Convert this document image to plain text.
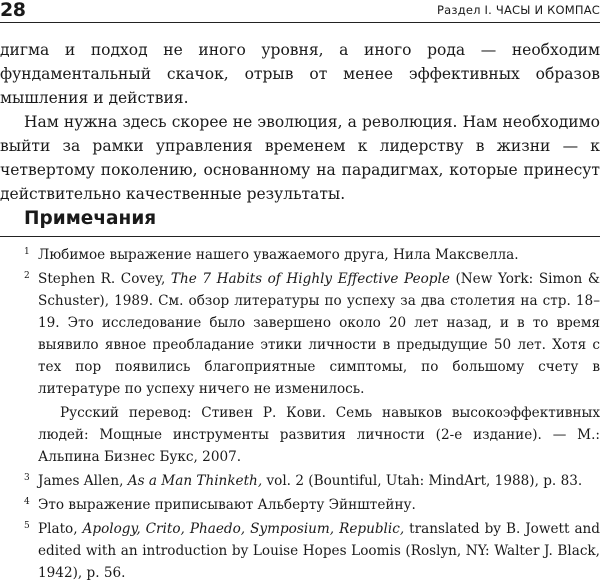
28	Раздел I. ЧАСЫ И КОМПАС

дигма и подход не иного уровня, а иного рода — необходим фундаментальный скачок, отрыв от менее эффективных образов мышления и действия.

Нам нужна здесь скорее не эволюция, а революция. Нам необходимо выйти за рамки управления временем к лидерству в жизни — к четвертому поколению, основанному на парадигмах, которые принесут действительно качественные результаты.

Примечания
1 Любимое выражение нашего уважаемого друга, Нила Максвелла.
2 Stephen R. Covey, The 7 Habits of Highly Effective People (New York: Simon & Schuster), 1989. См. обзор литературы по успеху за два столетия на стр. 18–19. Это исследование было завершено около 20 лет назад, и в то время выявило явное преобладание этики личности в предыдущие 50 лет. Хотя с тех пор появились благоприятные симптомы, по большому счету в литературе по успеху ничего не изменилось.
Русский перевод: Стивен Р. Кови. Семь навыков высокоэффективных людей: Мощные инструменты развития личности (2-е издание). — М.: Альпина Бизнес Букс, 2007.
3 James Allen, As a Man Thinketh, vol. 2 (Bountiful, Utah: MindArt, 1988), p. 83.
4 Это выражение приписывают Альберту Эйнштейну.
5 Plato, Apology, Crito, Phaedo, Symposium, Republic, translated by B. Jowett and edited with an introduction by Louise Hopes Loomis (Roslyn, NY: Walter J. Black, 1942), p. 56.
